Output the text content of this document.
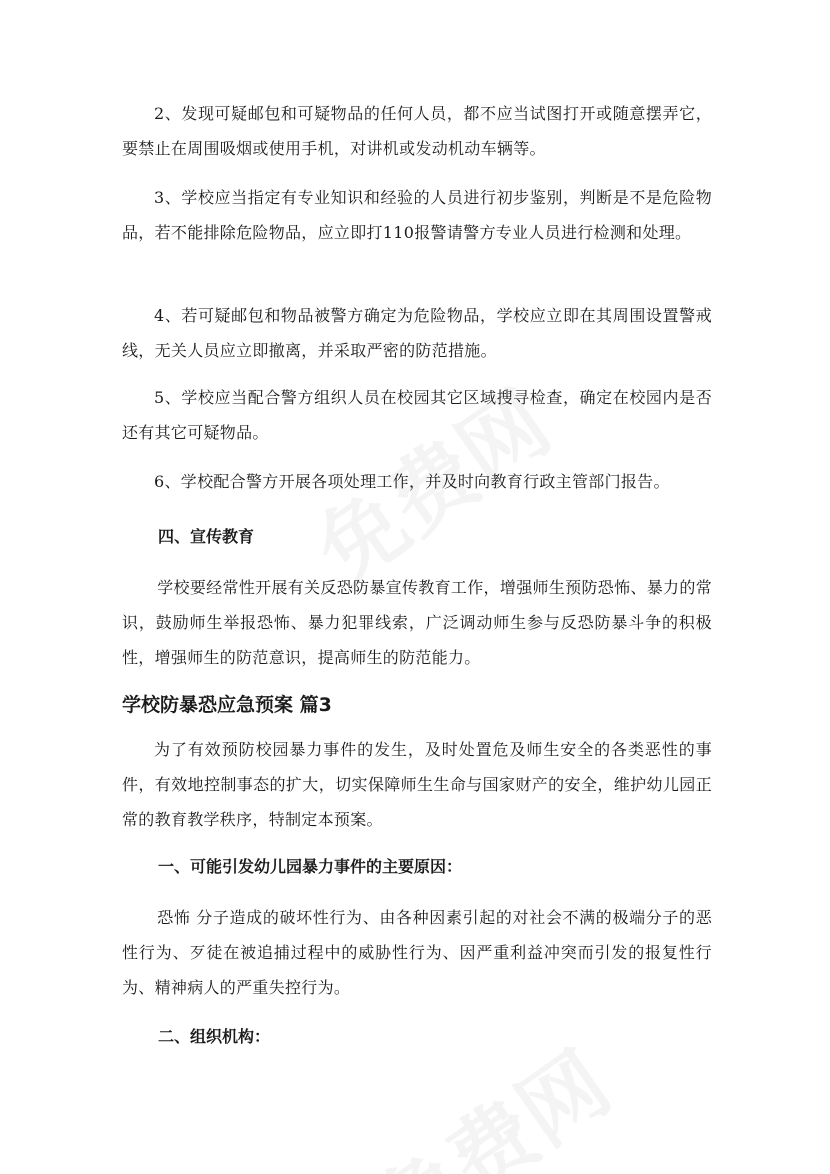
2、发现可疑邮包和可疑物品的任何人员，都不应当试图打开或随意摆弄它，要禁止在周围吸烟或使用手机，对讲机或发动机动车辆等。

3、学校应当指定有专业知识和经验的人员进行初步鉴别，判断是不是危险物品，若不能排除危险物品，应立即打110报警请警方专业人员进行检测和处理。

4、若可疑邮包和物品被警方确定为危险物品，学校应立即在其周围设置警戒线，无关人员应立即撤离，并采取严密的防范措施。

5、学校应当配合警方组织人员在校园其它区域搜寻检查，确定在校园内是否还有其它可疑物品。

6、学校配合警方开展各项处理工作，并及时向教育行政主管部门报告。

四、宣传教育

学校要经常性开展有关反恐防暴宣传教育工作，增强师生预防恐怖、暴力的常识，鼓励师生举报恐怖、暴力犯罪线索，广泛调动师生参与反恐防暴斗争的积极性，增强师生的防范意识，提高师生的防范能力。

学校防暴恐应急预案 篇3

为了有效预防校园暴力事件的发生，及时处置危及师生安全的各类恶性的事件，有效地控制事态的扩大，切实保障师生生命与国家财产的安全，维护幼儿园正常的教育教学秩序，特制定本预案。

一、可能引发幼儿园暴力事件的主要原因：

恐怖 分子造成的破坏性行为、由各种因素引起的对社会不满的极端分子的恶性行为、歹徒在被追捕过程中的威胁性行为、因严重利益冲突而引发的报复性行为、精神病人的严重失控行为。

二、组织机构：
